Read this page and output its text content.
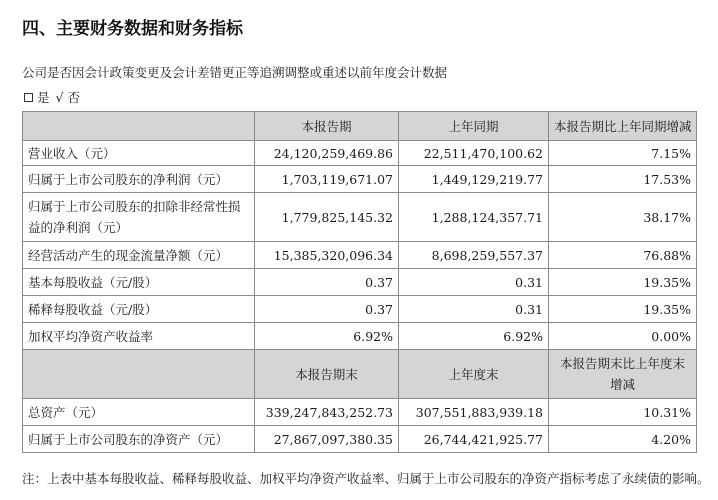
四、主要财务数据和财务指标
公司是否因会计政策变更及会计差错更正等追溯调整或重述以前年度会计数据
是 √ 否
	本报告期	上年同期	本报告期比上年同期增减
营业收入（元）	24,120,259,469.86	22,511,470,100.62	7.15%
归属于上市公司股东的净利润（元）	1,703,119,671.07	1,449,129,219.77	17.53%
归属于上市公司股东的扣除非经常性损益的净利润（元）	1,779,825,145.32	1,288,124,357.71	38.17%
经营活动产生的现金流量净额（元）	15,385,320,096.34	8,698,259,557.37	76.88%
基本每股收益（元/股）	0.37	0.31	19.35%
稀释每股收益（元/股）	0.37	0.31	19.35%
加权平均净资产收益率	6.92%	6.92%	0.00%
	本报告期末	上年度末	本报告期末比上年度末增减
总资产（元）	339,247,843,252.73	307,551,883,939.18	10.31%
归属于上市公司股东的净资产（元）	27,867,097,380.35	26,744,421,925.77	4.20%
注：上表中基本每股收益、稀释每股收益、加权平均净资产收益率、归属于上市公司股东的净资产指标考虑了永续债的影响。
